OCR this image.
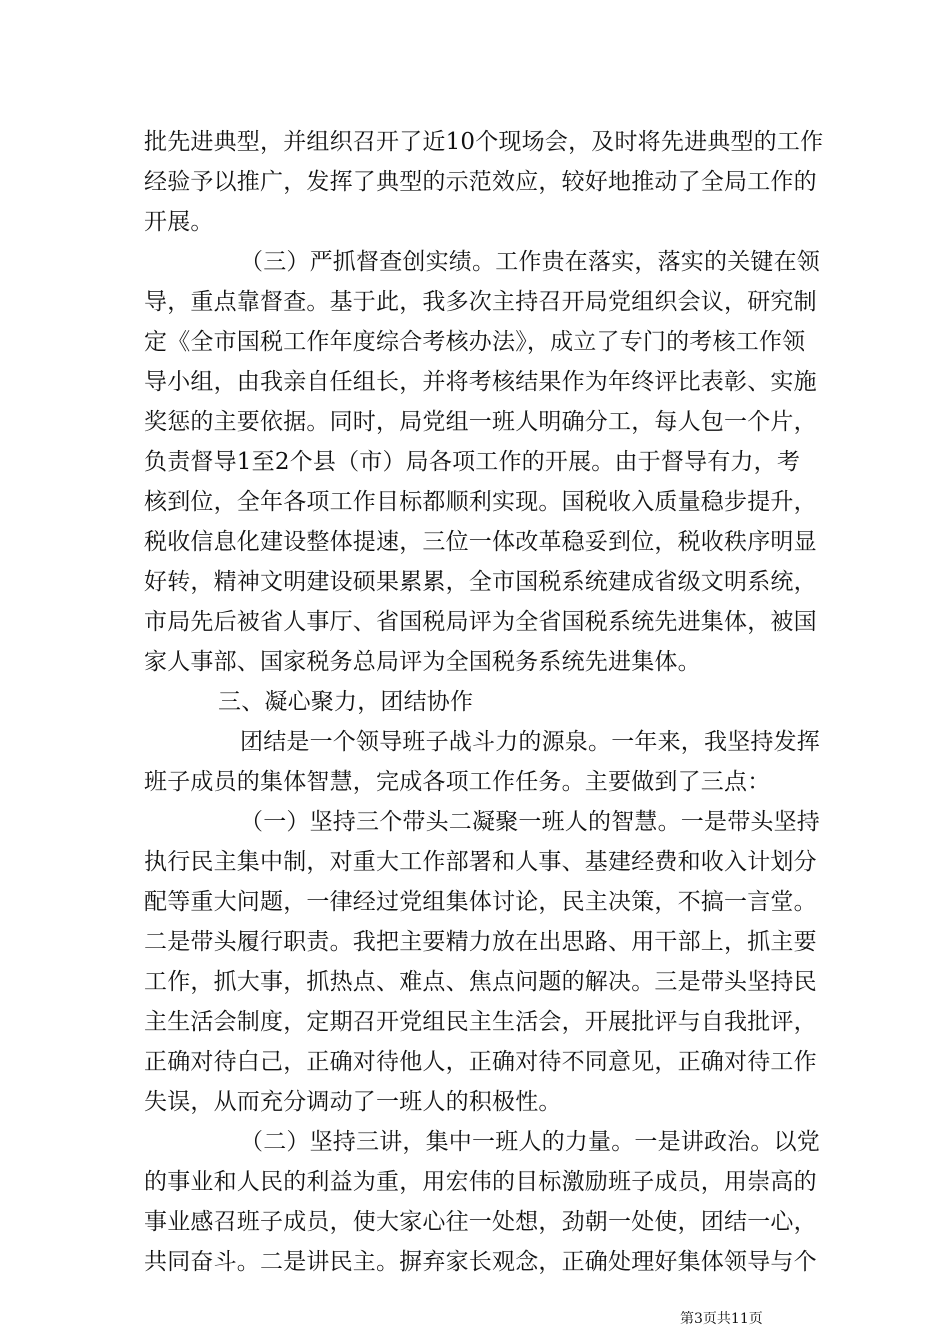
批先进典型，并组织召开了近10个现场会，及时将先进典型的工作
经验予以推广，发挥了典型的示范效应，较好地推动了全局工作的
开展。
（三）严抓督查创实绩。工作贵在落实，落实的关键在领
导，重点靠督查。基于此，我多次主持召开局党组织会议，研究制
定《全市国税工作年度综合考核办法》，成立了专门的考核工作领
导小组，由我亲自任组长，并将考核结果作为年终评比表彰、实施
奖惩的主要依据。同时，局党组一班人明确分工，每人包一个片，
负责督导1至2个县（市）局各项工作的开展。由于督导有力，考
核到位，全年各项工作目标都顺利实现。国税收入质量稳步提升，
税收信息化建设整体提速，三位一体改革稳妥到位，税收秩序明显
好转，精神文明建设硕果累累，全市国税系统建成省级文明系统，
市局先后被省人事厅、省国税局评为全省国税系统先进集体，被国
家人事部、国家税务总局评为全国税务系统先进集体。
三、凝心聚力，团结协作
团结是一个领导班子战斗力的源泉。一年来，我坚持发挥
班子成员的集体智慧，完成各项工作任务。主要做到了三点：
（一）坚持三个带头二凝聚一班人的智慧。一是带头坚持
执行民主集中制，对重大工作部署和人事、基建经费和收入计划分
配等重大问题，一律经过党组集体讨论，民主决策，不搞一言堂。
二是带头履行职责。我把主要精力放在出思路、用干部上，抓主要
工作，抓大事，抓热点、难点、焦点问题的解决。三是带头坚持民
主生活会制度，定期召开党组民主生活会，开展批评与自我批评，
正确对待白己，正确对待他人，正确对待不同意见，正确对待工作
失误，从而充分调动了一班人的积极性。
（二）坚持三讲，集中一班人的力量。一是讲政治。以党
的事业和人民的利益为重，用宏伟的目标激励班子成员，用崇高的
事业感召班子成员，使大家心往一处想，劲朝一处使，团结一心，
共同奋斗。二是讲民主。摒弃家长观念，正确处理好集体领导与个
第3页共11页
